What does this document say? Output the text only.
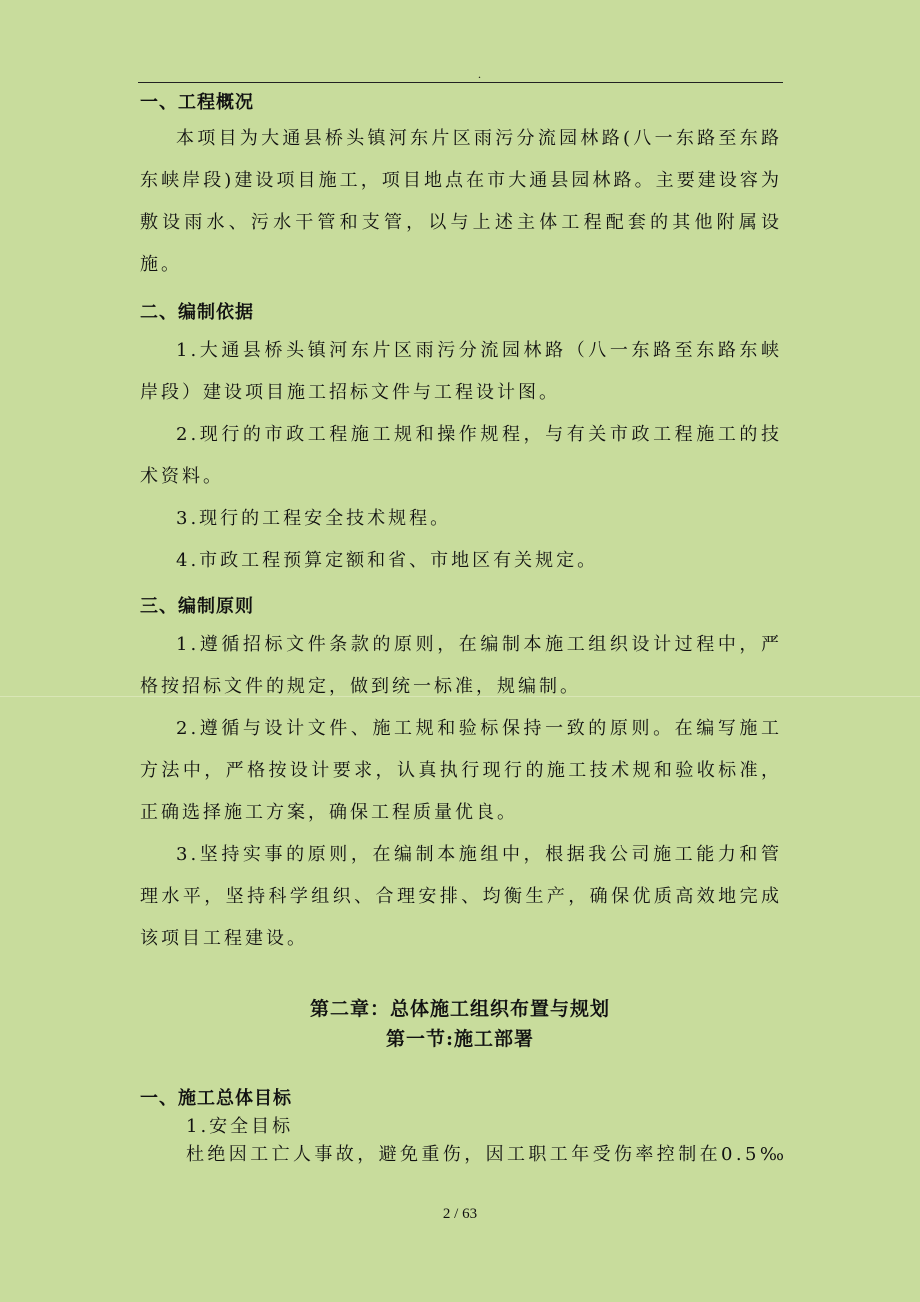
.
一、工程概况

本项目为大通县桥头镇河东片区雨污分流园林路(八一东路至东路东峡岸段)建设项目施工，项目地点在市大通县园林路。主要建设容为敷设雨水、污水干管和支管，以与上述主体工程配套的其他附属设施。

二、编制依据

1.大通县桥头镇河东片区雨污分流园林路（八一东路至东路东峡岸段）建设项目施工招标文件与工程设计图。

2.现行的市政工程施工规和操作规程，与有关市政工程施工的技术资料。

3.现行的工程安全技术规程。

4.市政工程预算定额和省、市地区有关规定。

三、编制原则

1.遵循招标文件条款的原则，在编制本施工组织设计过程中，严格按招标文件的规定，做到统一标准，规编制。

2.遵循与设计文件、施工规和验标保持一致的原则。在编写施工方法中，严格按设计要求，认真执行现行的施工技术规和验收标准，正确选择施工方案，确保工程质量优良。

3.坚持实事的原则，在编制本施组中，根据我公司施工能力和管理水平，坚持科学组织、合理安排、均衡生产，确保优质高效地完成该项目工程建设。

第二章：总体施工组织布置与规划
第一节:施工部署
一、施工总体目标
1.安全目标
杜绝因工亡人事故，避免重伤，因工职工年受伤率控制在0.5‰
2 / 63
